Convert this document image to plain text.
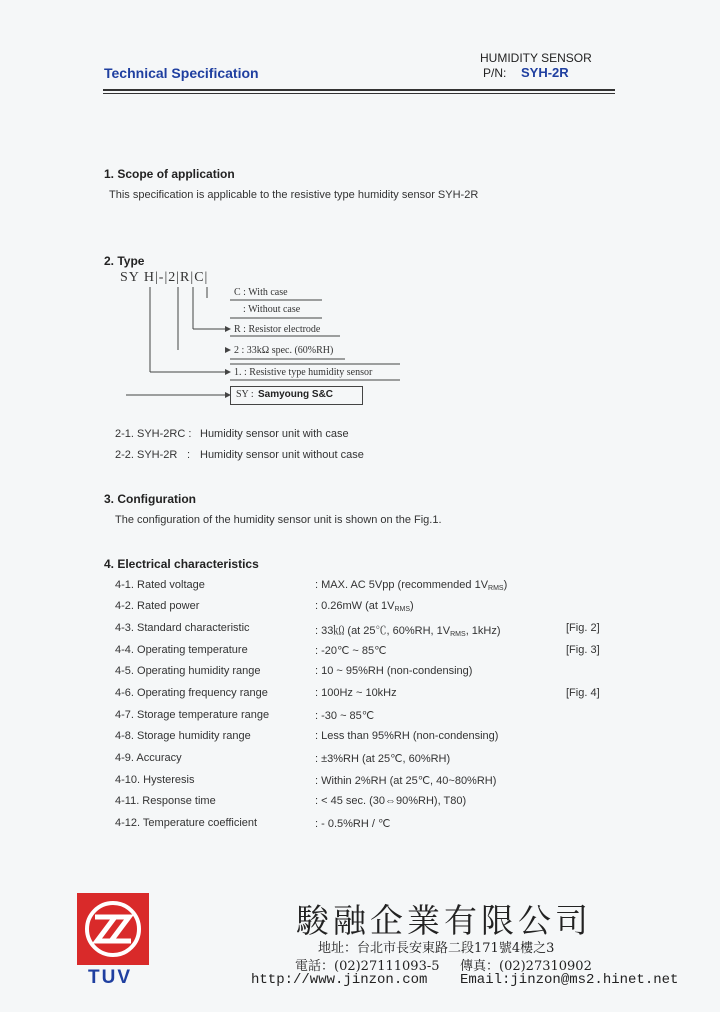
Technical Specification
HUMIDITY SENSOR
P/N: SYH-2R
1. Scope of application
This specification is applicable to the resistive type humidity sensor SYH-2R
2. Type
SY H|-|2|R|C|
C : With case
: Without case
R : Resistor electrode
2 : 33kΩ spec. (60%RH)
1. : Resistive type humidity sensor
SY : Samyoung S&C
2-1. SYH-2RC : Humidity sensor unit with case
2-2. SYH-2R : Humidity sensor unit without case
3. Configuration
The configuration of the humidity sensor unit is shown on the Fig.1.
4. Electrical characteristics
4-1. Rated voltage	: MAX. AC 5Vpp (recommended $1V_{RMS}$)
4-2. Rated power	: 0.26mW (at $1V_{RMS}$)
4-3. Standard characteristic	: 33㏀ (at 25℃, 60%RH, $1V_{RMS}$, 1kHz)	[Fig. 2]
4-4. Operating temperature	: -20℃ ~ 85℃	[Fig. 3]
4-5. Operating humidity range	: 10 ~ 95%RH (non-condensing)
4-6. Operating frequency range	: 100Hz ~ 10kHz	[Fig. 4]
4-7. Storage temperature range	: -30 ~ 85℃
4-8. Storage humidity range	: Less than 95%RH (non-condensing)
4-9. Accuracy	: ±3%RH (at 25℃, 60%RH)
4-10. Hysteresis	: Within 2%RH (at 25℃, 40~80%RH)
4-11. Response time	: < 45 sec. (30⇔90%RH), T80)
4-12. Temperature coefficient	: - 0.5%RH / ℃
TUV
駿融企業有限公司
地址：台北市長安東路二段171號4樓之3
電話：(02)27111093-5 傳真：(02)27310902
http://www.jinzon.com Email:jinzon@ms2.hinet.net
